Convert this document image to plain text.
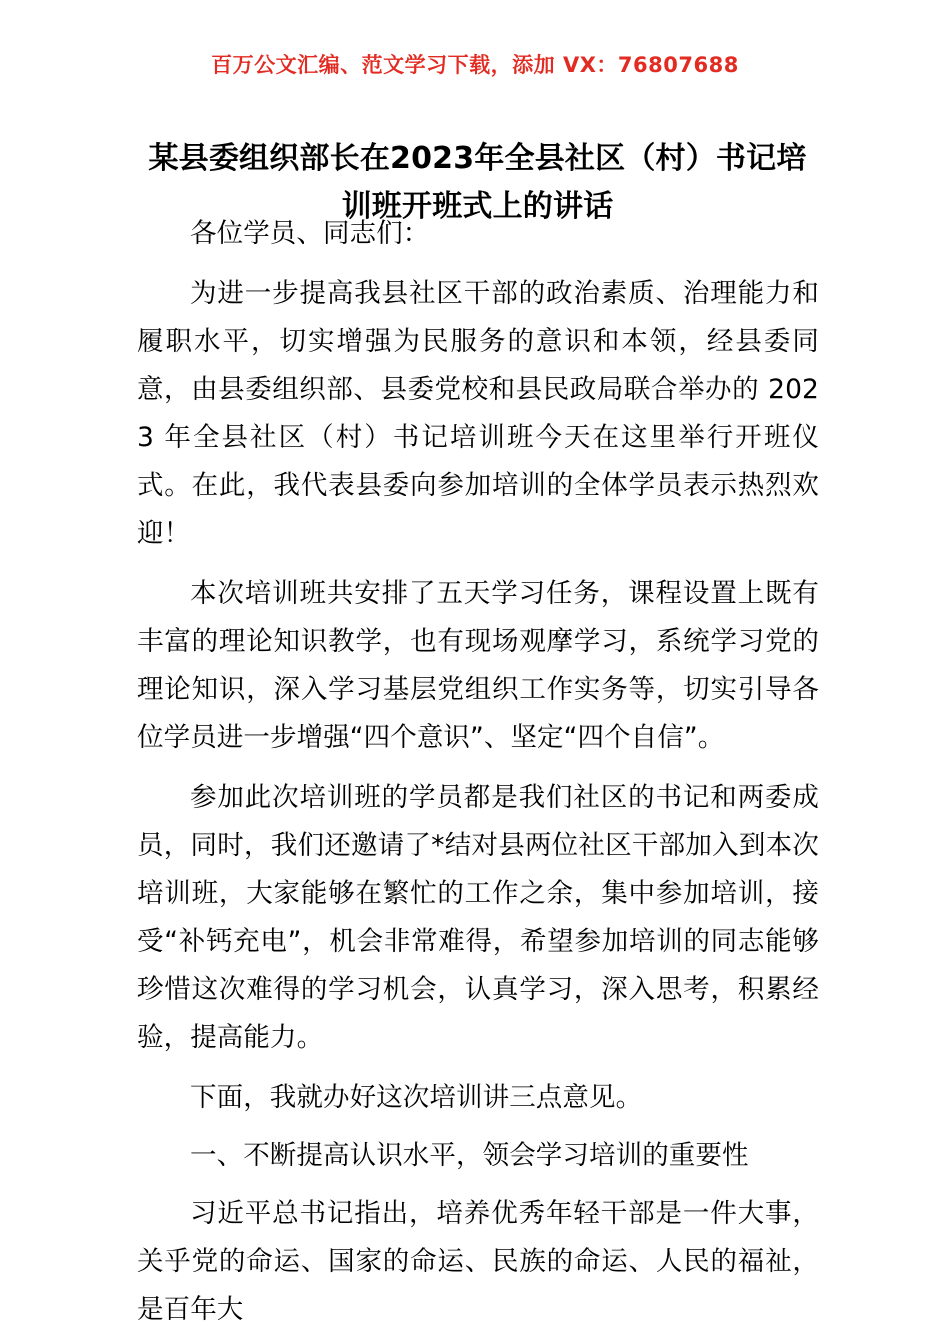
百万公文汇编、范文学习下载，添加 VX：76807688
某县委组织部长在2023年全县社区（村）书记培训班开班式上的讲话

各位学员、同志们：

为进一步提高我县社区干部的政治素质、治理能力和履职水平，切实增强为民服务的意识和本领，经县委同意，由县委组织部、县委党校和县民政局联合举办的 2023 年全县社区（村）书记培训班今天在这里举行开班仪式。在此，我代表县委向参加培训的全体学员表示热烈欢迎！

本次培训班共安排了五天学习任务，课程设置上既有丰富的理论知识教学，也有现场观摩学习，系统学习党的理论知识，深入学习基层党组织工作实务等，切实引导各位学员进一步增强“四个意识”、坚定“四个自信”。

参加此次培训班的学员都是我们社区的书记和两委成员，同时，我们还邀请了*结对县两位社区干部加入到本次培训班，大家能够在繁忙的工作之余，集中参加培训，接受“补钙充电”，机会非常难得，希望参加培训的同志能够珍惜这次难得的学习机会，认真学习，深入思考，积累经验，提高能力。

下面，我就办好这次培训讲三点意见。

一、不断提高认识水平，领会学习培训的重要性

习近平总书记指出，培养优秀年轻干部是一件大事，关乎党的命运、国家的命运、民族的命运、人民的福祉，是百年大
